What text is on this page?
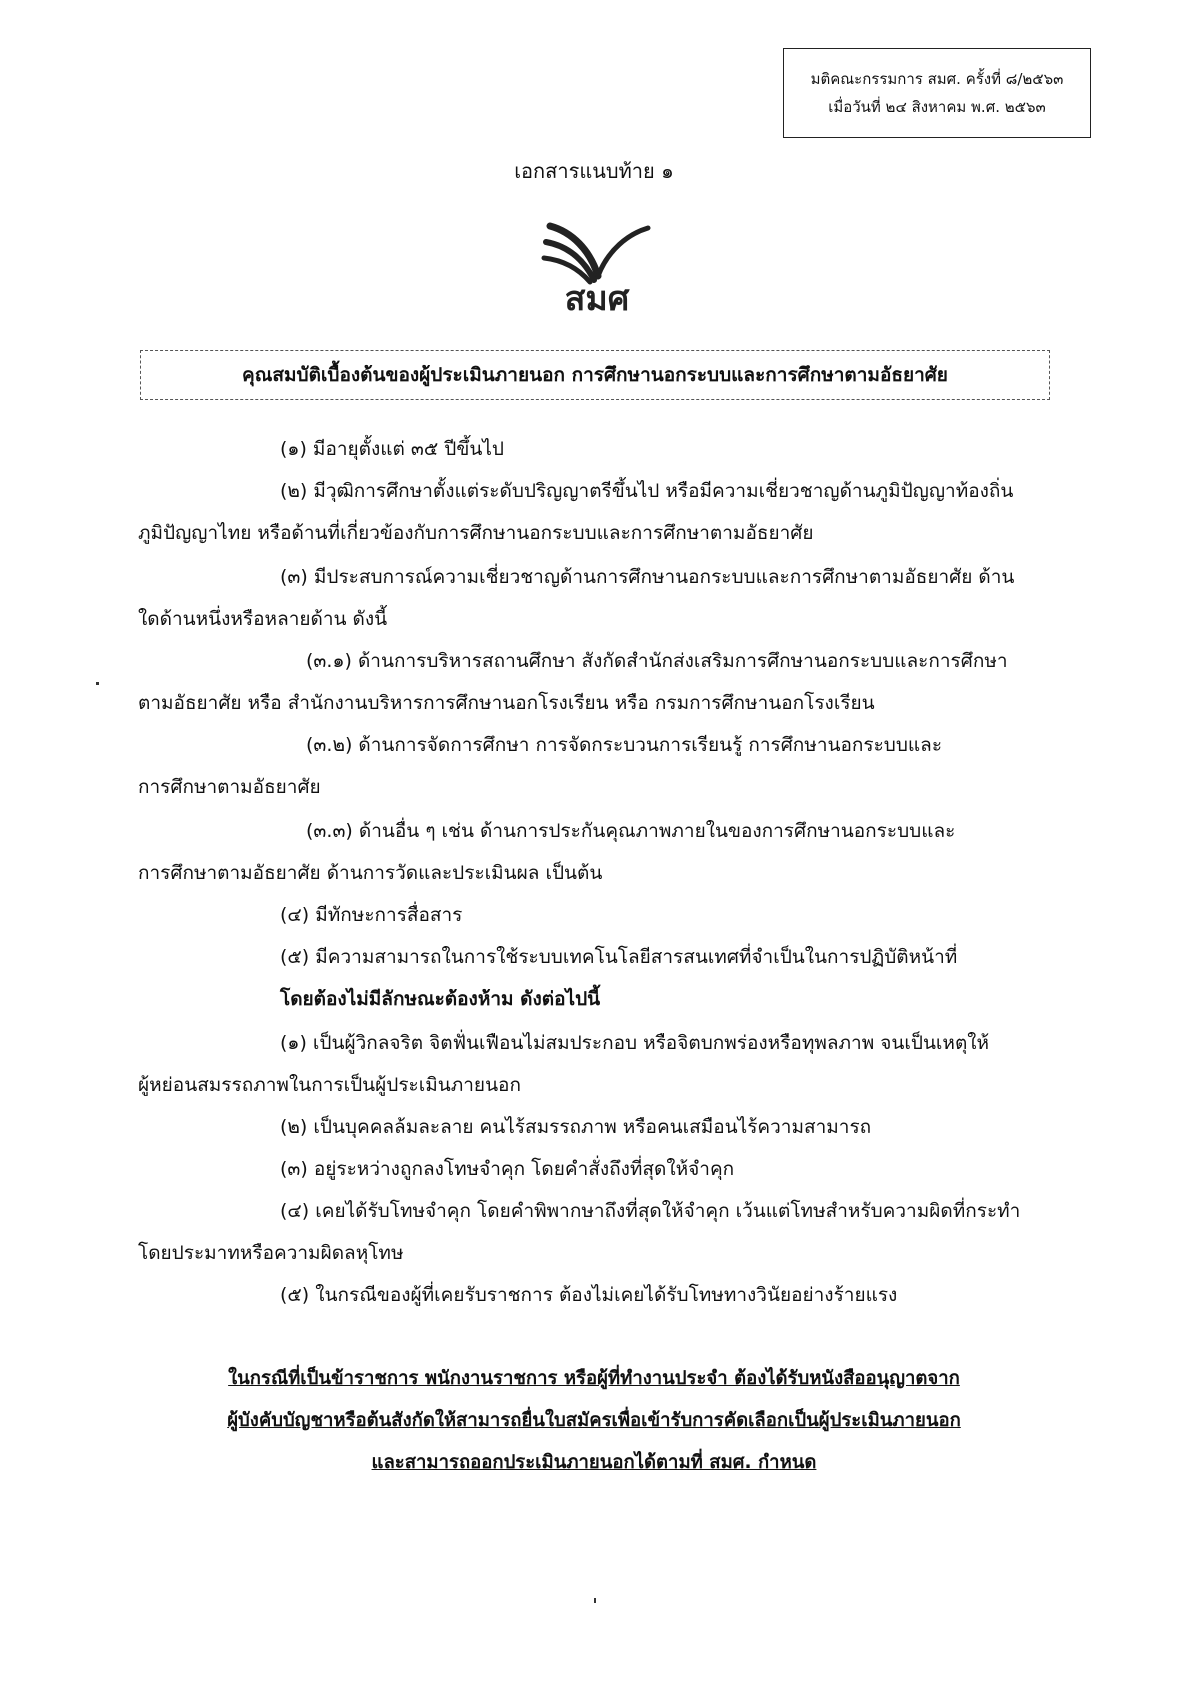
มติคณะกรรมการ สมศ. ครั้งที่ ๘/๒๕๖๓
เมื่อวันที่ ๒๔ สิงหาคม พ.ศ. ๒๕๖๓
เอกสารแนบท้าย ๑
สมศ
คุณสมบัติเบื้องต้นของผู้ประเมินภายนอก การศึกษานอกระบบและการศึกษาตามอัธยาศัย
(๑) มีอายุตั้งแต่ ๓๕ ปีขึ้นไป
(๒) มีวุฒิการศึกษาตั้งแต่ระดับปริญญาตรีขึ้นไป หรือมีความเชี่ยวชาญด้านภูมิปัญญาท้องถิ่น
ภูมิปัญญาไทย หรือด้านที่เกี่ยวข้องกับการศึกษานอกระบบและการศึกษาตามอัธยาศัย
(๓) มีประสบการณ์ความเชี่ยวชาญด้านการศึกษานอกระบบและการศึกษาตามอัธยาศัย ด้าน
ใดด้านหนึ่งหรือหลายด้าน ดังนี้
(๓.๑) ด้านการบริหารสถานศึกษา สังกัดสำนักส่งเสริมการศึกษานอกระบบและการศึกษา
ตามอัธยาศัย หรือ สำนักงานบริหารการศึกษานอกโรงเรียน หรือ กรมการศึกษานอกโรงเรียน
(๓.๒) ด้านการจัดการศึกษา การจัดกระบวนการเรียนรู้ การศึกษานอกระบบและ
การศึกษาตามอัธยาศัย
(๓.๓) ด้านอื่น ๆ เช่น ด้านการประกันคุณภาพภายในของการศึกษานอกระบบและ
การศึกษาตามอัธยาศัย ด้านการวัดและประเมินผล เป็นต้น
(๔) มีทักษะการสื่อสาร
(๕) มีความสามารถในการใช้ระบบเทคโนโลยีสารสนเทศที่จำเป็นในการปฏิบัติหน้าที่
โดยต้องไม่มีลักษณะต้องห้าม ดังต่อไปนี้
(๑) เป็นผู้วิกลจริต จิตฟั่นเฟือนไม่สมประกอบ หรือจิตบกพร่องหรือทุพลภาพ จนเป็นเหตุให้
ผู้หย่อนสมรรถภาพในการเป็นผู้ประเมินภายนอก
(๒) เป็นบุคคลล้มละลาย คนไร้สมรรถภาพ หรือคนเสมือนไร้ความสามารถ
(๓) อยู่ระหว่างถูกลงโทษจำคุก โดยคำสั่งถึงที่สุดให้จำคุก
(๔) เคยได้รับโทษจำคุก โดยคำพิพากษาถึงที่สุดให้จำคุก เว้นแต่โทษสำหรับความผิดที่กระทำ
โดยประมาทหรือความผิดลหุโทษ
(๕) ในกรณีของผู้ที่เคยรับราชการ ต้องไม่เคยได้รับโทษทางวินัยอย่างร้ายแรง
ในกรณีที่เป็นข้าราชการ พนักงานราชการ หรือผู้ที่ทำงานประจำ ต้องได้รับหนังสืออนุญาตจาก
ผู้บังคับบัญชาหรือต้นสังกัดให้สามารถยื่นใบสมัครเพื่อเข้ารับการคัดเลือกเป็นผู้ประเมินภายนอก
และสามารถออกประเมินภายนอกได้ตามที่ สมศ. กำหนด
